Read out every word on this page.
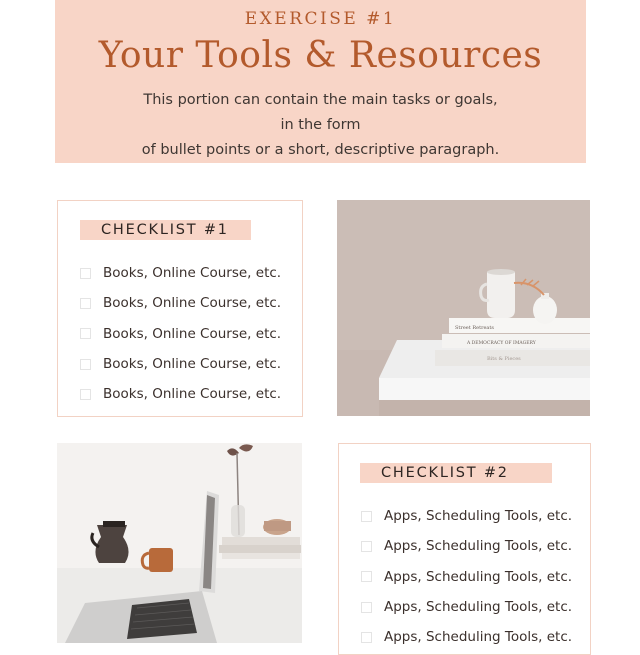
EXERCISE #1
Your Tools & Resources
This portion can contain the main tasks or goals, in the form
of bullet points or a short, descriptive paragraph.
CHECKLIST #1
Books, Online Course, etc.
Books, Online Course, etc.
Books, Online Course, etc.
Books, Online Course, etc.
Books, Online Course, etc.
Street Retreats
A DEMOCRACY OF IMAGERY
Bits & Pieces
CHECKLIST #2
Apps, Scheduling Tools, etc.
Apps, Scheduling Tools, etc.
Apps, Scheduling Tools, etc.
Apps, Scheduling Tools, etc.
Apps, Scheduling Tools, etc.
